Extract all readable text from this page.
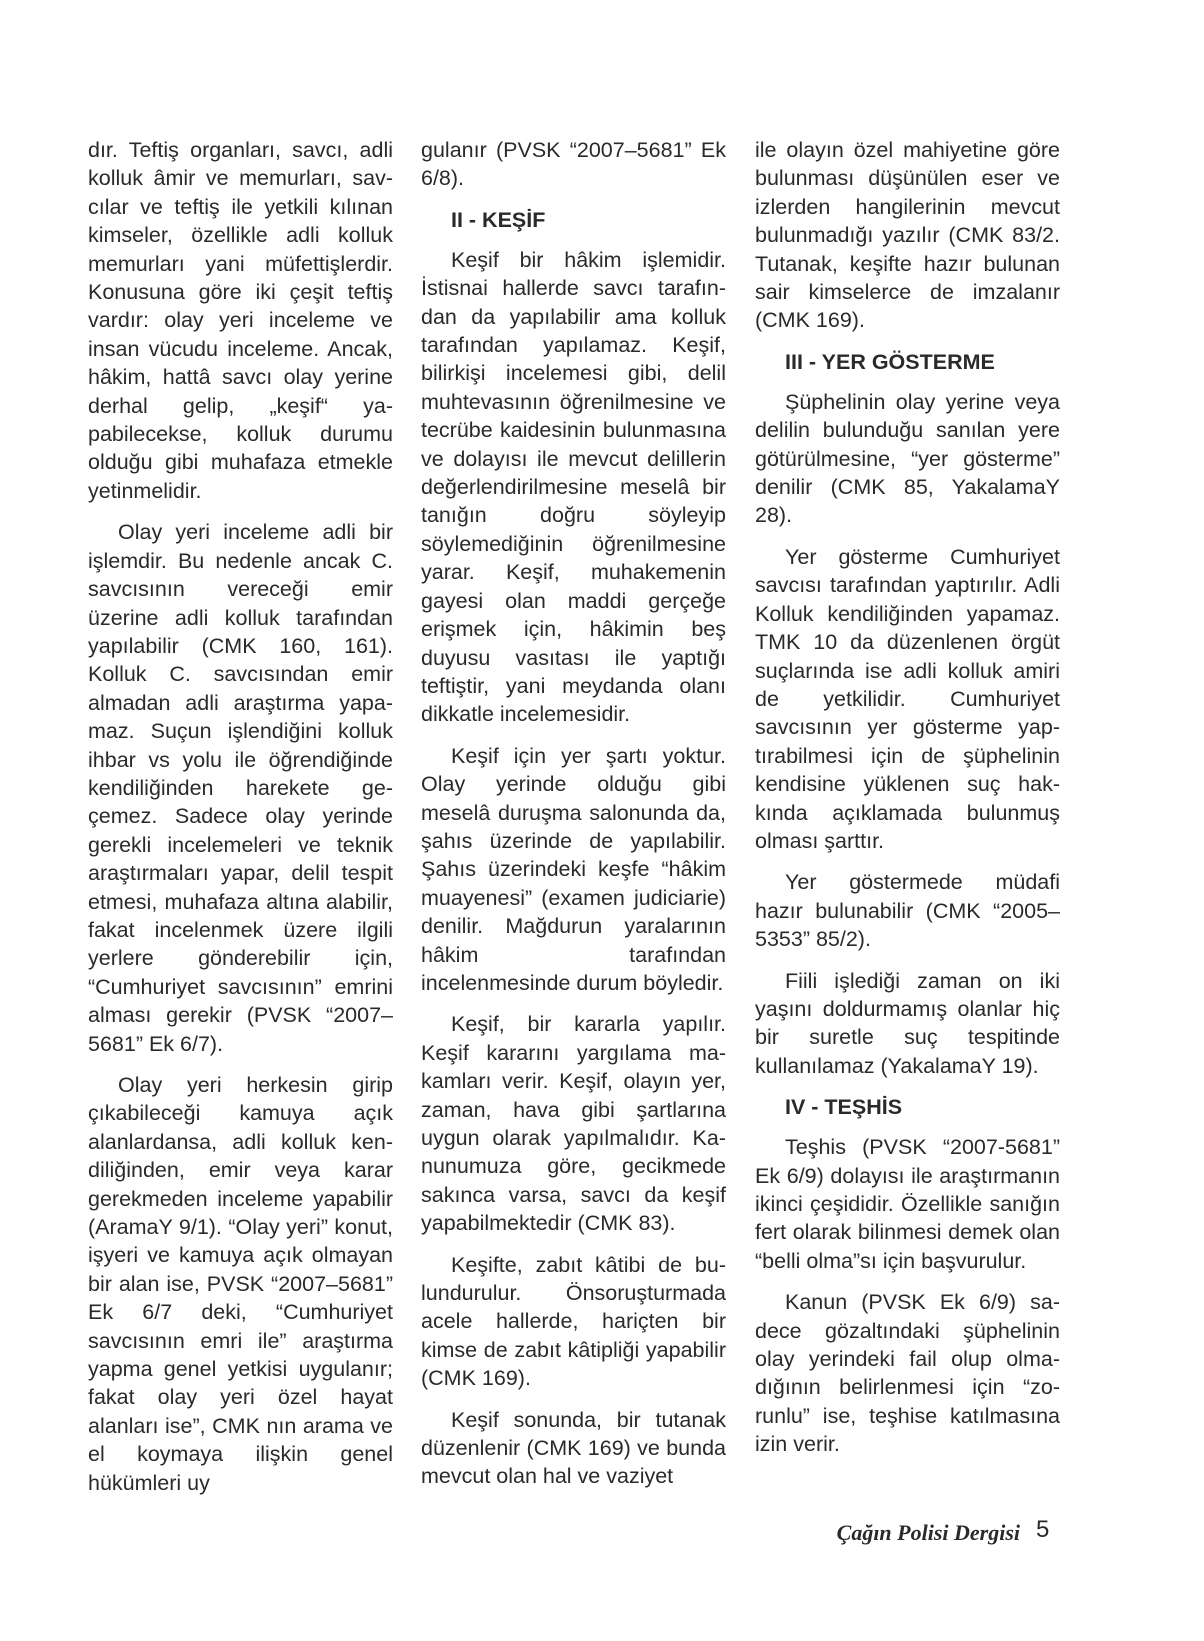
dır. Teftiş organları, savcı, adli kolluk âmir ve memurları, savcılar ve teftiş ile yetkili kılınan kimseler, özellikle adli kolluk memurları yani müfettişlerdir. Konusuna göre iki çeşit teftiş vardır: olay yeri inceleme ve insan vücudu inceleme. Ancak, hâkim, hattâ savcı olay yerine derhal gelip, „keşif“ yapabilecekse, kolluk durumu olduğu gibi muhafaza etmekle yetinmelidir.

Olay yeri inceleme adli bir işlemdir. Bu nedenle ancak C. savcısının vereceği emir üzerine adli kolluk tarafından yapılabilir (CMK 160, 161). Kolluk C. savcısından emir almadan adli araştırma yapamaz. Suçun işlendiğini kolluk ihbar vs yolu ile öğrendiğinde kendiliğinden harekete geçemez. Sadece olay yerinde gerekli incelemeleri ve teknik araştırmaları yapar, delil tespit etmesi, muhafaza altına alabilir, fakat incelenmek üzere ilgili yerlere gönderebilir için, “Cumhuriyet savcısının” emrini alması gerekir (PVSK “2007–5681” Ek 6/7).

Olay yeri herkesin girip çıkabileceği kamuya açık alanlardansa, adli kolluk kendiliğinden, emir veya karar gerekmeden inceleme yapabilir (AramaY 9/1). “Olay yeri” konut, işyeri ve kamuya açık olmayan bir alan ise, PVSK “2007–5681” Ek 6/7 deki, “Cumhuriyet savcısının emri ile” araştırma yapma genel yetkisi uygulanır; fakat olay yeri özel hayat alanları ise”, CMK nın arama ve el koymaya ilişkin genel hükümleri uy

gulanır (PVSK “2007–5681” Ek 6/8).

II - KEŞİF

Keşif bir hâkim işlemidir. İstisnai hallerde savcı tarafından da yapılabilir ama kolluk tarafından yapılamaz. Keşif, bilirkişi incelemesi gibi, delil muhtevasının öğrenilmesine ve tecrübe kaidesinin bulunmasına ve dolayısı ile mevcut delillerin değerlendirilmesine meselâ bir tanığın doğru söyleyip söylemediğinin öğrenilmesine yarar. Keşif, muhakemenin gayesi olan maddi gerçeğe erişmek için, hâkimin beş duyusu vasıtası ile yaptığı teftiştir, yani meydanda olanı dikkatle incelemesidir.

Keşif için yer şartı yoktur. Olay yerinde olduğu gibi meselâ duruşma salonunda da, şahıs üzerinde de yapılabilir. Şahıs üzerindeki keşfe “hâkim muayenesi” (examen judiciarie) denilir. Mağdurun yaralarının hâkim tarafından incelenmesinde durum böyledir.

Keşif, bir kararla yapılır. Keşif kararını yargılama makamları verir. Keşif, olayın yer, zaman, hava gibi şartlarına uygun olarak yapılmalıdır. Kanunumuza göre, gecikmede sakınca varsa, savcı da keşif yapabilmektedir (CMK 83).

Keşifte, zabıt kâtibi de bulundurulur. Önsoruşturmada acele hallerde, hariçten bir kimse de zabıt kâtipliği yapabilir (CMK 169).

Keşif sonunda, bir tutanak düzenlenir (CMK 169) ve bunda mevcut olan hal ve vaziyet

ile olayın özel mahiyetine göre bulunması düşünülen eser ve izlerden hangilerinin mevcut bulunmadığı yazılır (CMK 83/2. Tutanak, keşifte hazır bulunan sair kimselerce de imzalanır (CMK 169).

III - YER GÖSTERME

Şüphelinin olay yerine veya delilin bulunduğu sanılan yere götürülmesine, “yer gösterme” denilir (CMK 85, YakalamaY 28).

Yer gösterme Cumhuriyet savcısı tarafından yaptırılır. Adli Kolluk kendiliğinden yapamaz. TMK 10 da düzenlenen örgüt suçlarında ise adli kolluk amiri de yetkilidir. Cumhuriyet savcısının yer gösterme yaptırabilmesi için de şüphelinin kendisine yüklenen suç hakkında açıklamada bulunmuş olması şarttır.

Yer göstermede müdafi hazır bulunabilir (CMK “2005–5353” 85/2).

Fiili işlediği zaman on iki yaşını doldurmamış olanlar hiç bir suretle suç tespitinde kullanılamaz (YakalamaY 19).

IV - TEŞHİS

Teşhis (PVSK “2007-5681” Ek 6/9) dolayısı ile araştırmanın ikinci çeşididir. Özellikle sanığın fert olarak bilinmesi demek olan “belli olma”sı için başvurulur.

Kanun (PVSK Ek 6/9) sadece gözaltındaki şüphelinin olay yerindeki fail olup olmadığının belirlenmesi için “zorunlu” ise, teşhise katılmasına izin verir.

Çağın Polisi Dergisi 5
